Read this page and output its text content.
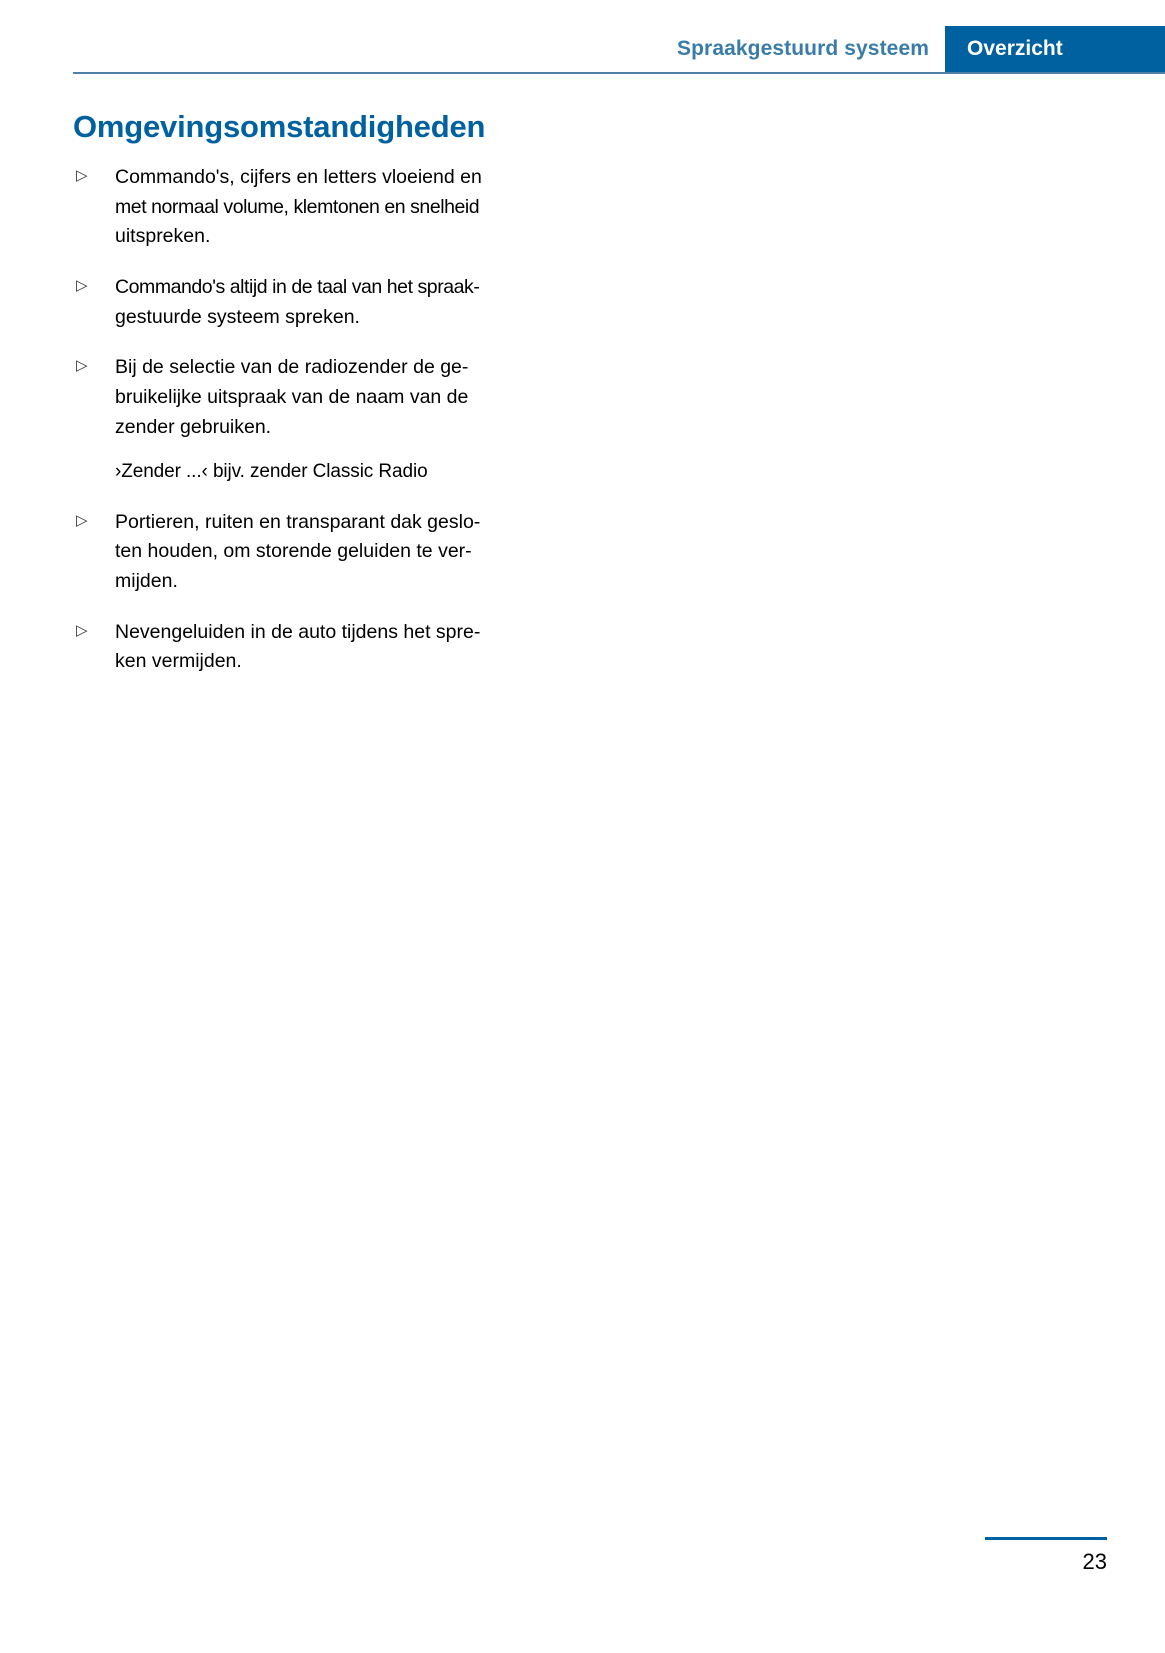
Spraakgestuurd systeem	Overzicht
Omgevingsomstandigheden
▷ Commando's, cijfers en letters vloeiend en
met normaal volume, klemtonen en snelheid
uitspreken.
▷ Commando's altijd in de taal van het spraak-
gestuurde systeem spreken.
▷ Bij de selectie van de radiozender de ge-
bruikelijke uitspraak van de naam van de
zender gebruiken.
›Zender ...‹ bijv. zender Classic Radio
▷ Portieren, ruiten en transparant dak geslo-
ten houden, om storende geluiden te ver-
mijden.
▷ Nevengeluiden in de auto tijdens het spre-
ken vermijden.
23
